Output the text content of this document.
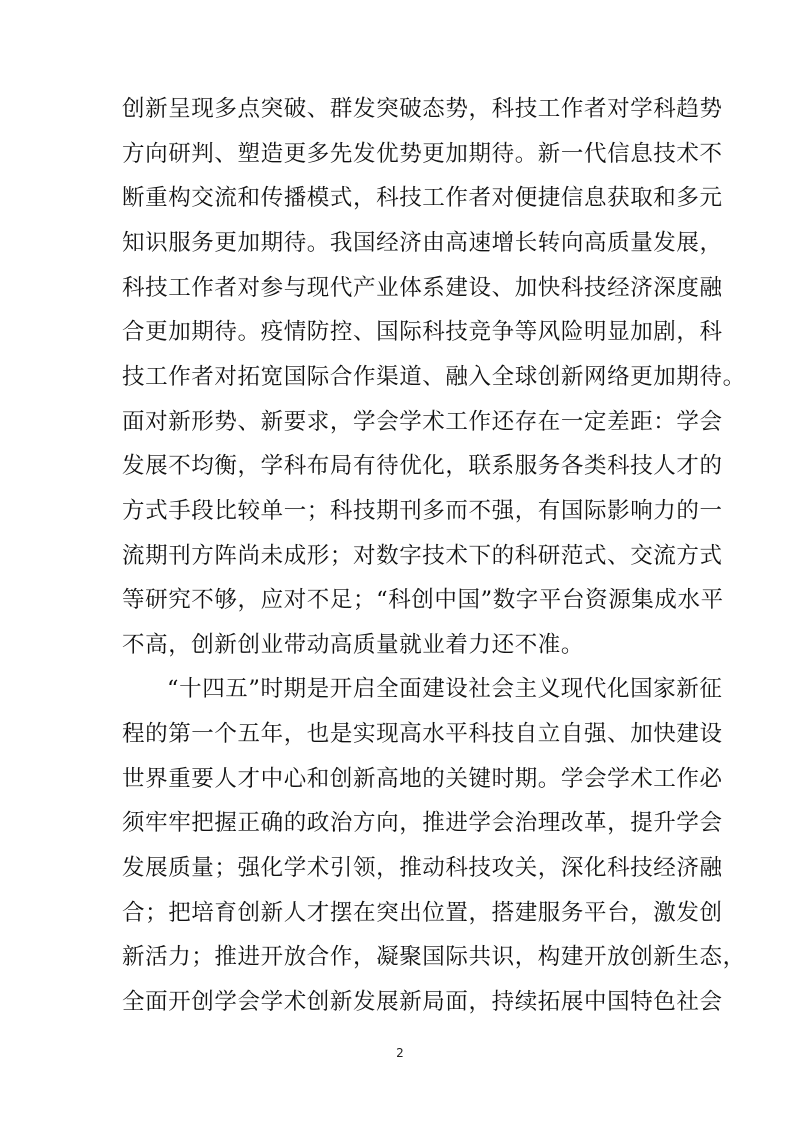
创新呈现多点突破、群发突破态势，科技工作者对学科趋势
方向研判、塑造更多先发优势更加期待。新一代信息技术不
断重构交流和传播模式，科技工作者对便捷信息获取和多元
知识服务更加期待。我国经济由高速增长转向高质量发展，
科技工作者对参与现代产业体系建设、加快科技经济深度融
合更加期待。疫情防控、国际科技竞争等风险明显加剧，科
技工作者对拓宽国际合作渠道、融入全球创新网络更加期待。
面对新形势、新要求，学会学术工作还存在一定差距：学会
发展不均衡，学科布局有待优化，联系服务各类科技人才的
方式手段比较单一；科技期刊多而不强，有国际影响力的一
流期刊方阵尚未成形；对数字技术下的科研范式、交流方式
等研究不够，应对不足；“科创中国”数字平台资源集成水平
不高，创新创业带动高质量就业着力还不准。
“十四五”时期是开启全面建设社会主义现代化国家新征
程的第一个五年，也是实现高水平科技自立自强、加快建设
世界重要人才中心和创新高地的关键时期。学会学术工作必
须牢牢把握正确的政治方向，推进学会治理改革，提升学会
发展质量；强化学术引领，推动科技攻关，深化科技经济融
合；把培育创新人才摆在突出位置，搭建服务平台，激发创
新活力；推进开放合作，凝聚国际共识，构建开放创新生态，
全面开创学会学术创新发展新局面，持续拓展中国特色社会
2
